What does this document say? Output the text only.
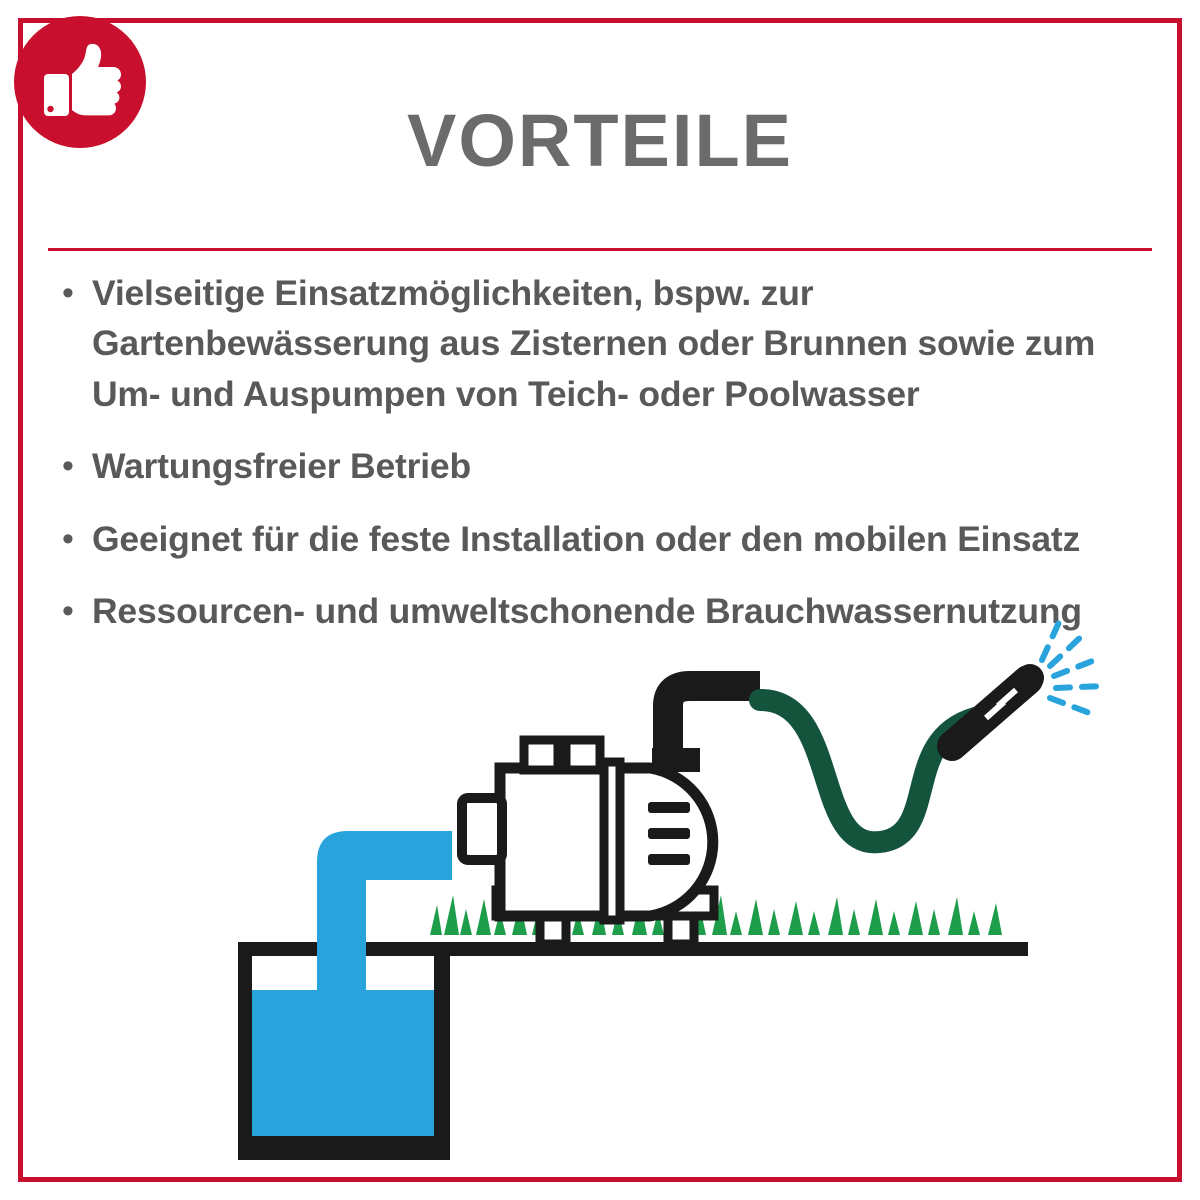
VORTEILE
• Vielseitige Einsatzmöglichkeiten, bspw. zur Gartenbewässerung aus Zisternen oder Brunnen sowie zum Um- und Auspumpen von Teich- oder Poolwasser
• Wartungsfreier Betrieb
• Geeignet für die feste Installation oder den mobilen Einsatz
• Ressourcen- und umweltschonende Brauchwassernutzung
